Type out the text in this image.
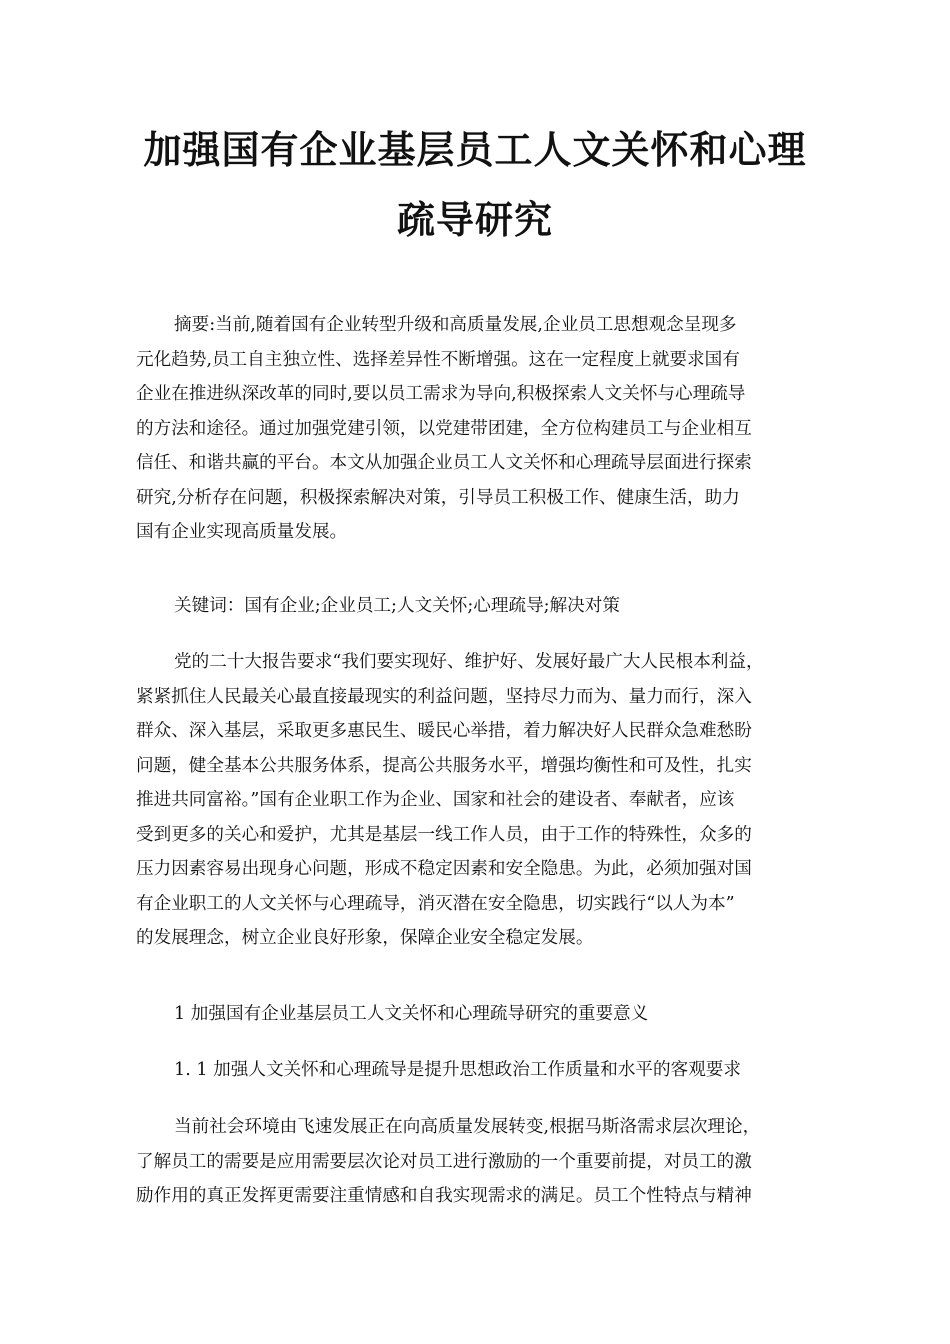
加强国有企业基层员工人文关怀和心理
疏导研究
摘要:当前,随着国有企业转型升级和高质量发展,企业员工思想观念呈现多
元化趋势,员工自主独立性、选择差异性不断增强。这在一定程度上就要求国有
企业在推进纵深改革的同时,要以员工需求为导向,积极探索人文关怀与心理疏导
的方法和途径。通过加强党建引领，以党建带团建，全方位构建员工与企业相互
信任、和谐共赢的平台。本文从加强企业员工人文关怀和心理疏导层面进行探索
研究,分析存在问题，积极探索解决对策，引导员工积极工作、健康生活，助力
国有企业实现高质量发展。
关键词：国有企业;企业员工;人文关怀;心理疏导;解决对策
党的二十大报告要求“我们要实现好、维护好、发展好最广大人民根本利益，
紧紧抓住人民最关心最直接最现实的利益问题，坚持尽力而为、量力而行，深入
群众、深入基层，采取更多惠民生、暖民心举措，着力解决好人民群众急难愁盼
问题，健全基本公共服务体系，提高公共服务水平，增强均衡性和可及性，扎实
推进共同富裕。”国有企业职工作为企业、国家和社会的建设者、奉献者，应该
受到更多的关心和爱护，尤其是基层一线工作人员，由于工作的特殊性，众多的
压力因素容易出现身心问题，形成不稳定因素和安全隐患。为此，必须加强对国
有企业职工的人文关怀与心理疏导，消灭潜在安全隐患，切实践行“以人为本”
的发展理念，树立企业良好形象，保障企业安全稳定发展。
1 加强国有企业基层员工人文关怀和心理疏导研究的重要意义
1. 1 加强人文关怀和心理疏导是提升思想政治工作质量和水平的客观要求
当前社会环境由飞速发展正在向高质量发展转变,根据马斯洛需求层次理论，
了解员工的需要是应用需要层次论对员工进行激励的一个重要前提，对员工的激
励作用的真正发挥更需要注重情感和自我实现需求的满足。员工个性特点与精神
